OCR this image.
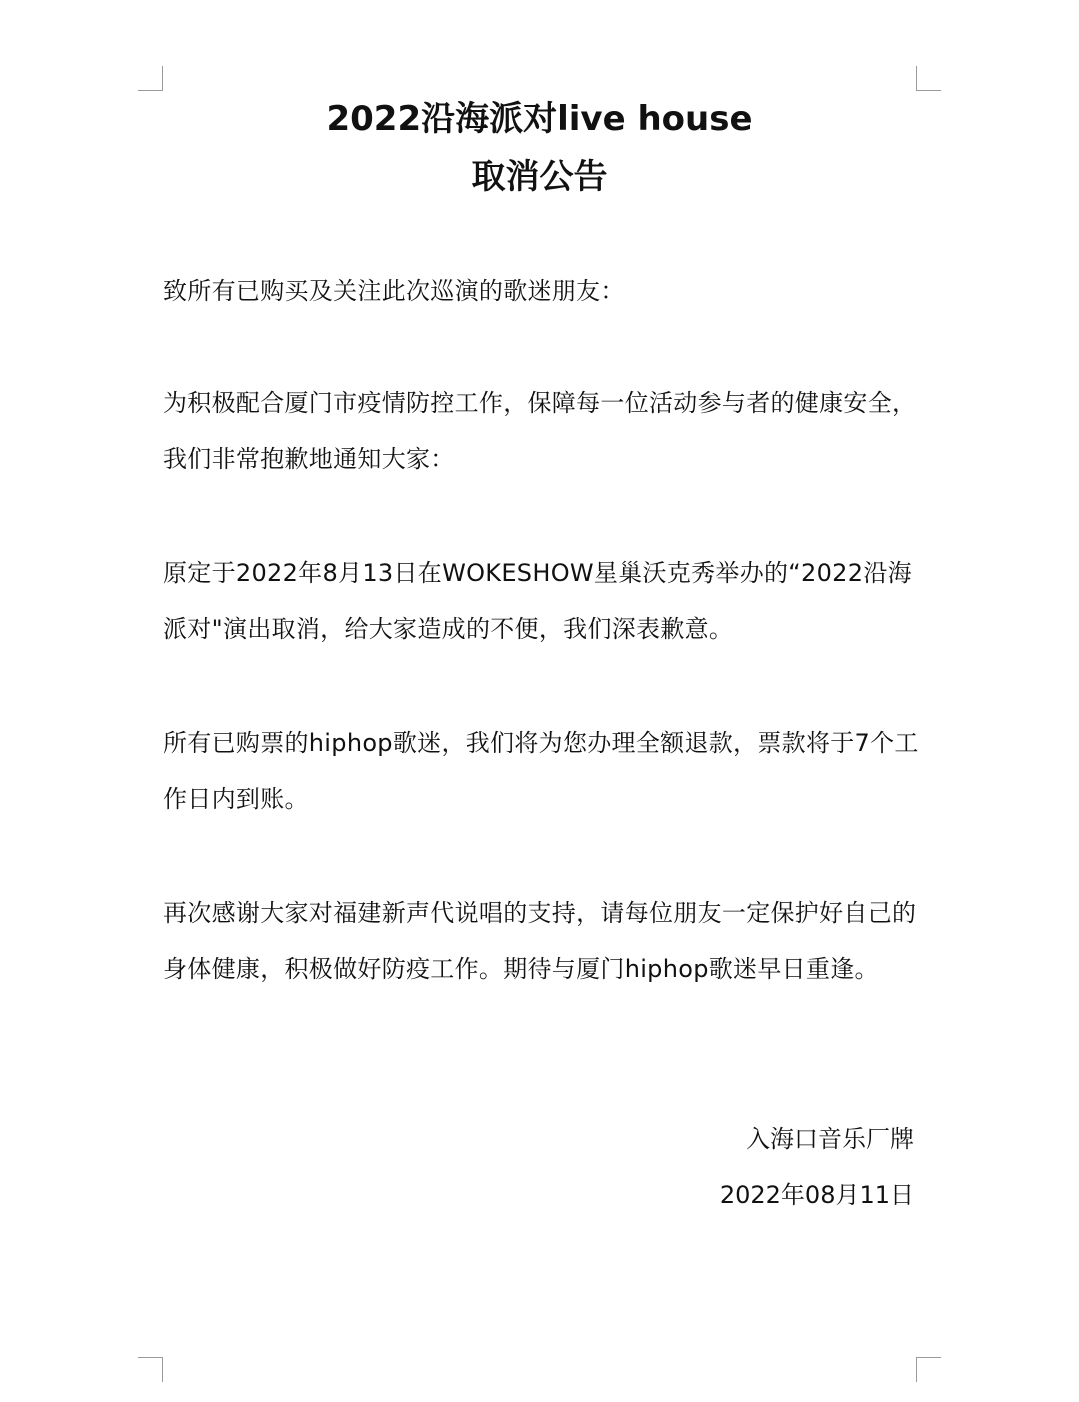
2022沿海派对live house
取消公告

致所有已购买及关注此次巡演的歌迷朋友：

为积极配合厦门市疫情防控工作，保障每一位活动参与者的健康安全，我们非常抱歉地通知大家：

原定于2022年8月13日在WOKESHOW星巢沃克秀举办的“2022沿海派对"演出取消，给大家造成的不便，我们深表歉意。

所有已购票的hiphop歌迷，我们将为您办理全额退款，票款将于7个工作日内到账。

再次感谢大家对福建新声代说唱的支持，请每位朋友一定保护好自己的身体健康，积极做好防疫工作。期待与厦门hiphop歌迷早日重逢。

入海口音乐厂牌

2022年08月11日
